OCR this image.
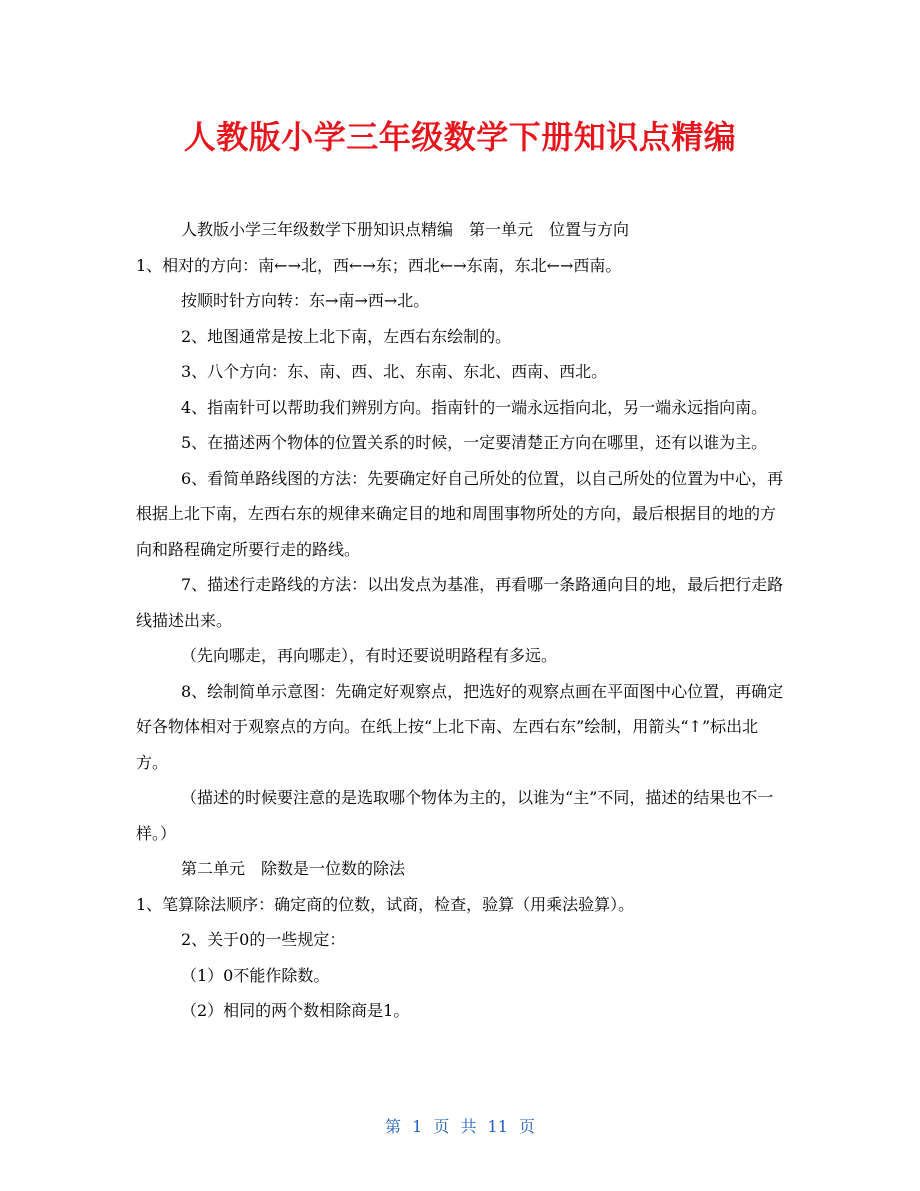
人教版小学三年级数学下册知识点精编

人教版小学三年级数学下册知识点精编　第一单元　位置与方向

1、相对的方向：南←→北，西←→东；西北←→东南，东北←→西南。

按顺时针方向转：东→南→西→北。

2、地图通常是按上北下南，左西右东绘制的。

3、八个方向：东、南、西、北、东南、东北、西南、西北。

4、指南针可以帮助我们辨别方向。指南针的一端永远指向北，另一端永远指向南。

5、在描述两个物体的位置关系的时候，一定要清楚正方向在哪里，还有以谁为主。

6、看简单路线图的方法：先要确定好自己所处的位置，以自己所处的位置为中心，再根据上北下南，左西右东的规律来确定目的地和周围事物所处的方向，最后根据目的地的方向和路程确定所要行走的路线。

7、描述行走路线的方法：以出发点为基准，再看哪一条路通向目的地，最后把行走路线描述出来。

（先向哪走，再向哪走），有时还要说明路程有多远。

8、绘制简单示意图：先确定好观察点，把选好的观察点画在平面图中心位置，再确定好各物体相对于观察点的方向。在纸上按“上北下南、左西右东”绘制，用箭头“↑”标出北方。

（描述的时候要注意的是选取哪个物体为主的，以谁为“主”不同，描述的结果也不一样。）

第二单元　除数是一位数的除法

1、笔算除法顺序：确定商的位数，试商，检查，验算（用乘法验算）。

2、关于0的一些规定：

（1）0不能作除数。

（2）相同的两个数相除商是1。

第 1 页 共 11 页
